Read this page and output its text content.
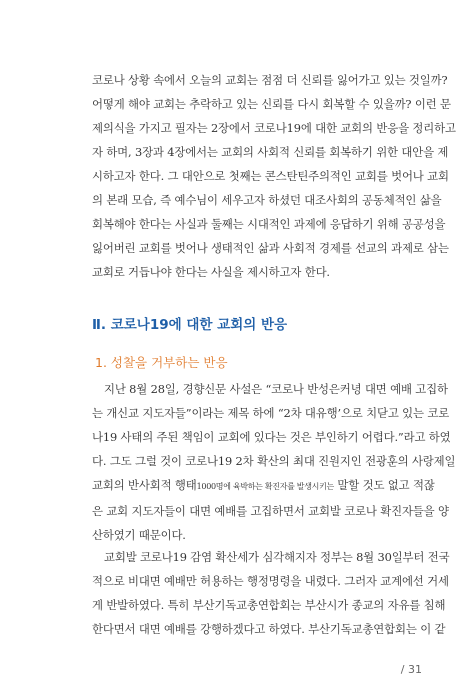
코로나 상황 속에서 오늘의 교회는 점점 더 신뢰를 잃어가고 있는 것일까?
어떻게 해야 교회는 추락하고 있는 신뢰를 다시 회복할 수 있을까? 이런 문
제의식을 가지고 필자는 2장에서 코로나19에 대한 교회의 반응을 정리하고
자 하며, 3장과 4장에서는 교회의 사회적 신뢰를 회복하기 위한 대안을 제
시하고자 한다. 그 대안으로 첫째는 콘스탄틴주의적인 교회를 벗어나 교회
의 본래 모습, 즉 예수님이 세우고자 하셨던 대조사회의 공동체적인 삶을
회복해야 한다는 사실과 둘째는 시대적인 과제에 응답하기 위해 공공성을
잃어버린 교회를 벗어나 생태적인 삶과 사회적 경제를 선교의 과제로 삼는
교회로 거듭나야 한다는 사실을 제시하고자 한다.

Ⅱ. 코로나19에 대한 교회의 반응
1. 성찰을 거부하는 반응

지난 8월 28일, 경향신문 사설은 “코로나 반성은커녕 대면 예배 고집하
는 개신교 지도자들”이라는 제목 하에 “2차 대유행’으로 치닫고 있는 코로
나19 사태의 주된 책임이 교회에 있다는 것은 부인하기 어렵다.”라고 하였
다. 그도 그럴 것이 코로나19 2차 확산의 최대 진원지인 전광훈의 사랑제일
교회의 반사회적 행태1000명에 육박하는 확진자를 발생시키는 말할 것도 없고 적잖
은 교회 지도자들이 대면 예배를 고집하면서 교회발 코로나 확진자들을 양
산하였기 때문이다.

교회발 코로나19 감염 확산세가 심각해지자 정부는 8월 30일부터 전국
적으로 비대면 예배만 허용하는 행정명령을 내렸다. 그러자 교계에선 거세
게 반발하였다. 특히 부산기독교총연합회는 부산시가 종교의 자유를 침해
한다면서 대면 예배를 강행하겠다고 하였다. 부산기독교총연합회는 이 같

/ 31
